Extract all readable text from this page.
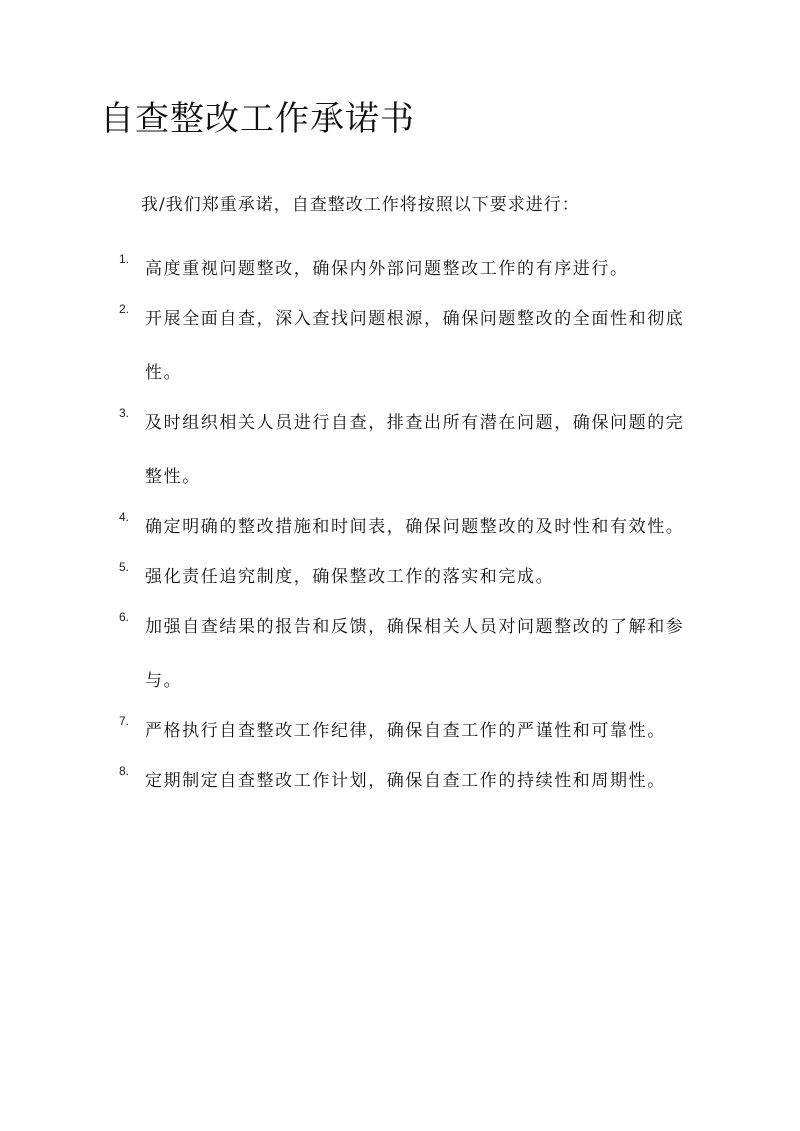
自查整改工作承诺书

我/我们郑重承诺，自查整改工作将按照以下要求进行：

1. 高度重视问题整改，确保内外部问题整改工作的有序进行。
2. 开展全面自查，深入查找问题根源，确保问题整改的全面性和彻底性。
3. 及时组织相关人员进行自查，排查出所有潜在问题，确保问题的完整性。
4. 确定明确的整改措施和时间表，确保问题整改的及时性和有效性。
5. 强化责任追究制度，确保整改工作的落实和完成。
6. 加强自查结果的报告和反馈，确保相关人员对问题整改的了解和参与。
7. 严格执行自查整改工作纪律，确保自查工作的严谨性和可靠性。
8. 定期制定自查整改工作计划，确保自查工作的持续性和周期性。
